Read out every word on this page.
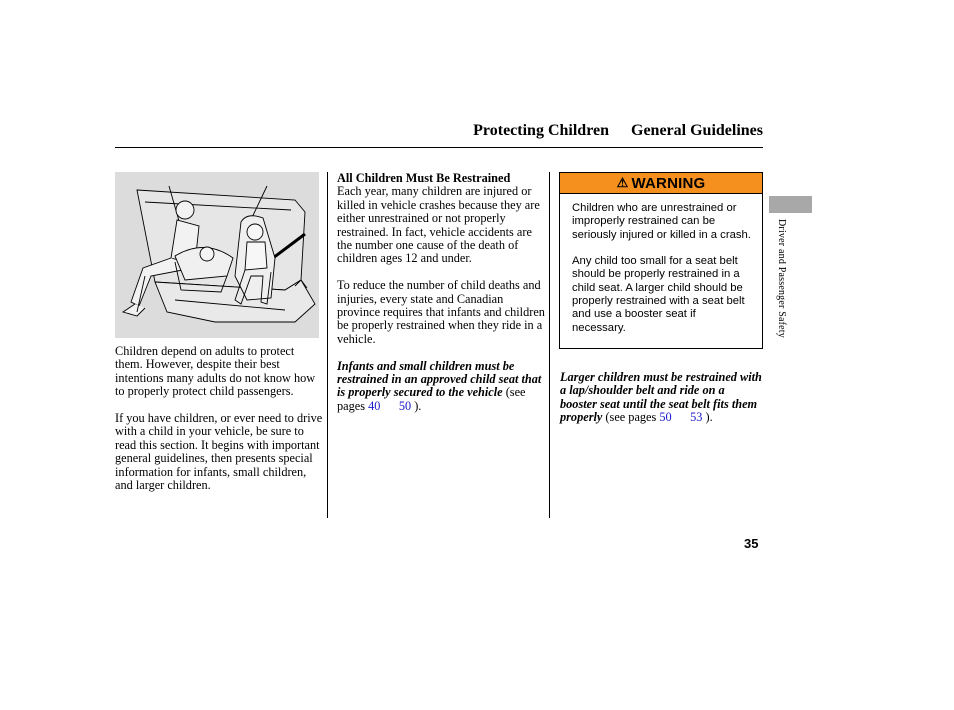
Protecting Children General Guidelines

Children depend on adults to protect them. However, despite their best intentions many adults do not know how to properly protect child passengers.

If you have children, or ever need to drive with a child in your vehicle, be sure to read this section. It begins with important general guidelines, then presents special information for infants, small children, and larger children.

All Children Must Be Restrained

Each year, many children are injured or killed in vehicle crashes because they are either unrestrained or not properly restrained. In fact, vehicle accidents are the number one cause of the death of children ages 12 and under.

To reduce the number of child deaths and injuries, every state and Canadian province requires that infants and children be properly restrained when they ride in a vehicle.

Infants and small children must be restrained in an approved child seat that is properly secured to the vehicle (see pages 40 50 ).

⚠ WARNING

Children who are unrestrained or improperly restrained can be seriously injured or killed in a crash.

Any child too small for a seat belt should be properly restrained in a child seat. A larger child should be properly restrained with a seat belt and use a booster seat if necessary.

Larger children must be restrained with a lap/shoulder belt and ride on a booster seat until the seat belt fits them properly (see pages 50 53 ).

Driver and Passenger Safety
35
